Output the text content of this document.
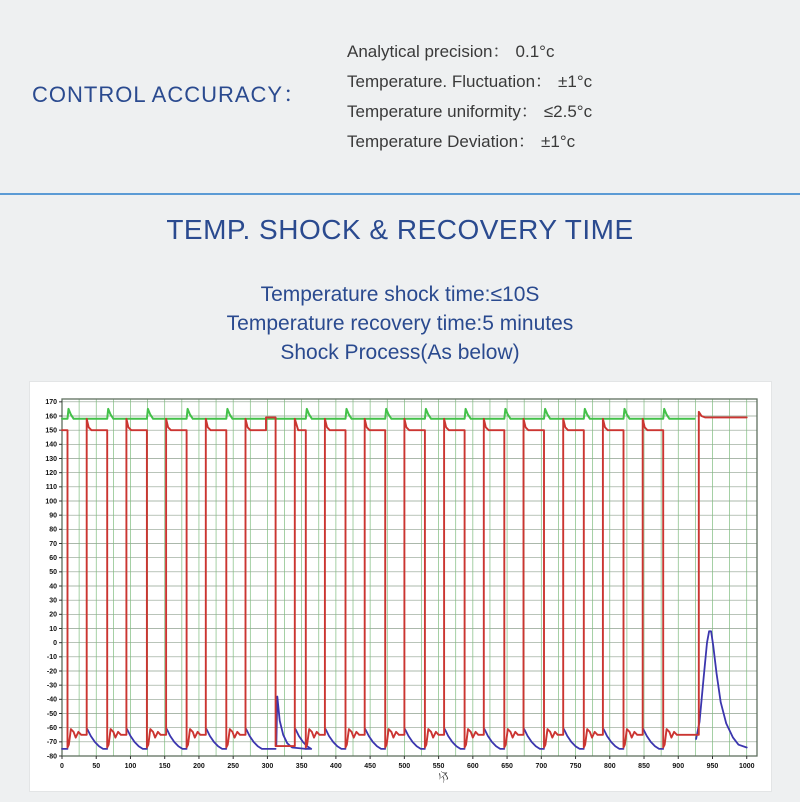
CONTROL ACCURACY：
Analytical precision： 0.1°c
Temperature. Fluctuation： ±1°c
Temperature uniformity： ≤2.5°c
Temperature Deviation： ±1°c
TEMP. SHOCK & RECOVERY TIME

Temperature shock time:≤10S

Temperature recovery time:5 minutes

Shock Process(As below)

170
160
150
140
130
120
110
100
90
80
70
60
50
40
30
20
10
0
-10
-20
-30
-40
-50
-60
-70
-80
0	50	100	150	200	250	300	350	400	450	500	550	600	650	700	750	800	850	900	950	1000
分
